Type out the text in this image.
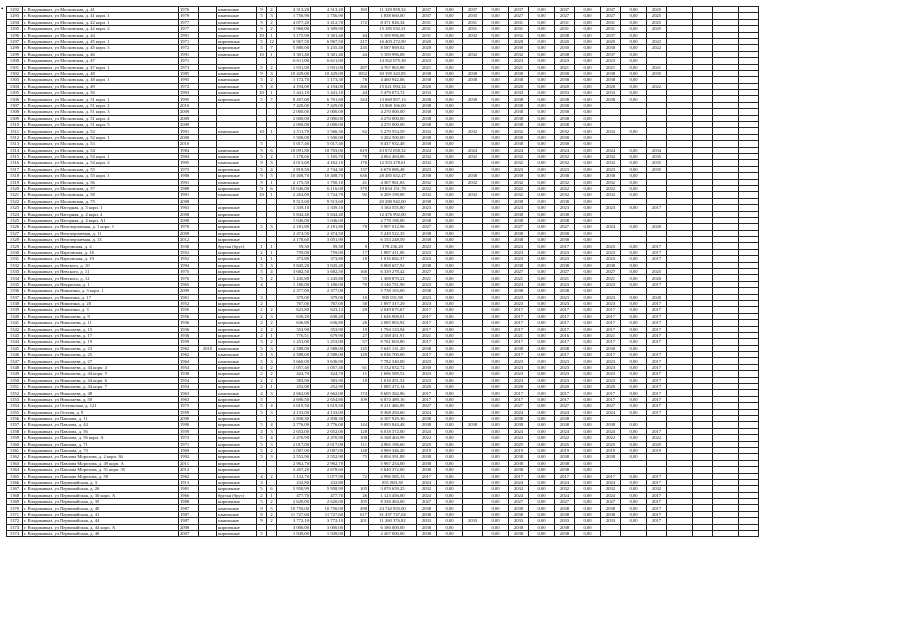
• 1292	г. Владикавказ, ул Московская, д. 41	1976		панельные	9	2	4 313,20	4 313,20		165	11 329 858,32	2037	0,00	2037	0,00	2037	0,00	2037	0,00	2037	0,00	2025				
1293	г. Владикавказ, ул Московская, д. 41 корп. 1	1979		панельные	5	3	1 756,90	1 756,90			1 838 660,00	2037	0,00	2035	0,00	2027	0,00	2027	0,00	2027	0,00	2025				
1294	г. Владикавказ, ул Московская, д. 42 корп. 1	1977		панельные	9	2	4 077,20	3 412,70		172	8 371 826,34	2031	0,00	2031	0,00	2031	0,00	2031	0,00	2031	0,00	2025				
1295	г. Владикавказ, ул Московская, д. 42 корп. 2	1977		панельные	9	2	3 960,00	3 309,90			15 185 032,31	2031	0,00	2031	0,00	2031	0,00	2031	0,00	2031	0,00	2025				
1296	г. Владикавказ, ул Московская, д. 44	1991		панельные	10	1	3 175,90	3 301,40		44	5 109 996,08	2031	0,00	2032	0,00	2032	0,00	2038	0,00	2037	0,00					
1297	г. Владикавказ, ул Московская, д. 45 корп. 1	1971		кирпичные	5	12	6 967,50	6 967,50		217	16 403 272,90	2020	0,00		0,00	2020	0,00	2020	0,00	2020	0,00	2022				
1298	г. Владикавказ, ул Московская, д. 45 корп. 3	1972		кирпичные	5	7	5 880,00	5 235,40		235	8 587 869,02	2020	0,00		0,00	2030	0,00	2030	0,00	2030	0,00	2022				
1299	г. Владикавказ, ул Московская, д. 46	1991		панельные	10	1	3 301,40	3 301,40		44	5 109 996,08	2031	0,00	2032	0,00	2032	0,00	2038	0,00	2037	0,00					
1300	г. Владикавказ, ул Московская, д. 47	1971					6 611,00	6 611,00			14 562 075,38	2023	0,00		0,00	2023	0,00	2023	0,00	2023	0,00					
1301	г. Владикавказ, ул Московская, д. 47 корп. 1	1973		кирпичные	5	2	1 931,00	1 931,00		287	4 767 863,88	2021	0,00		0,00	2021	0,00	2021	0,00	2021	0,00	2021				
1302	г. Владикавказ, ул Московская, д. 48	1985		панельные	9	3	10 429,00	10 429,00		1052	30 195 343,85	2038	0,00	2038	0,00	2038	0,00	2038	0,00	2038	0,00	2035				
1303	г. Владикавказ, ул Московская, д. 48 корп. 1	1995		панельные	5	2	1 172,70	1 173,30		78	4 460 942,06	2038	0,00	2038	0,00	2038	0,00	2038	0,00	2038	0,00					
1304	г. Владикавказ, ул Московская, д. 49	1972		панельные	5	4	4 194,00	4 194,00		266	15 621 094,34	2020	0,00		0,00	2020	0,00	2020	0,00	2020	0,00	2022				
1305	г. Владикавказ, ул Московская, д. 50	1993		панельные	10	1	1 441,10	1 441,10		44	5 479 073,72	2033	0,00		0,00	2033	0,00	2033	0,00	2033	0,00					
1306	г. Владикавказ, ул Московская, д. 51 корп. 1	1995		кирпичные	5	7	8 497,00	6 701,60		324	13 660 857,13	2038	0,00	2038	0,00	2038	0,00	2038	0,00	2038	0,00					
1307	г. Владикавказ, ул Московская, д. 51 корп. 2	2010					7 429,00	7 429,00			15 868 166,00	2038	0,00		0,00	2038	0,00	2038	0,00							
1308	г. Владикавказ, ул Московская, д. 51 корп. 3	2009					2 000,00	2 000,00			4 270 000,00	2038	0,00		0,00	2038	0,00	2038	0,00							
1309	г. Владикавказ, ул Московская, д. 51 корп. 4	2009					2 000,00	2 000,00			4 270 000,00	2038	0,00		0,00	2038	0,00	2038	0,00							
1310	г. Владикавказ, ул Московская, д. 51 корп. 5	2009					2 000,00	2 000,00			4 270 000,00	2038	0,00		0,00	2038	0,00	2038	0,00							
1311	г. Владикавказ, ул Московская, д. 52	1991		панельные	10	1	2 511,70	1 566,30		62	5 270 554,59	2032	0,00	2032	0,00	2032	0,00	2032	0,00	2032	0,00					
1312	г. Владикавказ, ул Московская, д. 52 корп. 1	2008					1 500,00	1 500,00			3 202 500,00	2038	0,00		0,00	2038	0,00	2038	0,00							
1313	г. Владикавказ, ул Московская, д. 53	2010			5		5 017,40	5 017,40			8 437 932,48	2038	0,00		0,00	2038	0,00	2038	0,00							
1314	г. Владикавказ, ул Московская, д. 54	1984		панельные	9	6	10 091,80	10 703,00		619	23 872 058,32	2024	0,00	2024	0,00	2024	0,00	2024	0,00	2024	0,00	2034				
1315	г. Владикавказ, ул Московская, д. 54 корп. 1	1984		панельные	5	2	1 178,60	1 105,70		78	4 062 404,06	2032	0,00	2032	0,00	2032	0,00	2032	0,00	2032	0,00	2035				
1316	г. Владикавказ, ул Московская, д. 54 корп. 2	1995		панельные	9	3	4 013,60	4 162,10		176	12 353 278,61	2032	0,00		0,00	2032	0,00	2032	0,00	2032	0,00	2035				
1317	г. Владикавказ, ул Московская, д. 55	1973		кирпичные	5	4	2 818,50	2 744,30		137	6 678 086,48	2023	0,00		0,00	2023	0,00	2023	0,00	2023	0,00	2035				
1318	г. Владикавказ, ул Московская, д. 55 корп. 1	1988		кирпичные	9	5	10 408,70	10 408,70		636	28 485 652,47	2038	0,00	2038	0,00	2038	0,00	2038	0,00	2038	0,00					
1319	г. Владикавказ, ул Московская, д. 56	1991		панельные	9	1	2 175,50	1 750,10		41	4 307 961,83	2032	0,00	2032	0,00	2032	0,00	2032	0,00	2032	0,00					
1320	г. Владикавказ, ул Московская, д. 57	1988		кирпичные	9	6	10 046,00	6 116,00		379	19 834 151,78	2022	0,00		0,00	2022	0,00	2022	0,00	2022	0,00					
1321	г. Владикавказ, ул Московская, д. 58	1991		панельные	10	1	2 264,00	1 724,70		92	6 209 199,88	2032	0,00	2032	0,00	2032	0,00	2032	0,00	2032	0,00					
1322	г. Владикавказ, ул Московская, д. 75	2008					9 513,60	9 513,60			20 280 942,00	2038	0,00		0,00	2038	0,00	2038	0,00							
1323	г. Владикавказ, ул Нагорная, д. 3 корп. 1	1963		кирпичные			1 339,10	1 339,10			3 184 555,80	2023	0,00		0,00	2023	0,00	2023	0,00	2023	0,00	2017				
1324	г. Владикавказ, ул Нагорная, д. 4 корп. 4	2008		кирпичные			5 844,40	5 844,40			12 476 992,00	2038	0,00		0,00	2038	0,00	2038	0,00							
1325	г. Владикавказ, ул Нагорная, д. 4 корп. А1	2008		кирпичные			1 046,00	1 046,00			2 778 188,00	2038	0,00		0,00	2038	0,00	2038	0,00							
1326	г. Владикавказ, ул Неисчерпаемая, д. 1 корп. 1	1970		кирпичные	5	3	2 181,80	2 181,80		78	5 907 012,96	2027	0,00		0,00	2027	0,00	2027	0,00	2024	0,00	2020				
1327	г. Владикавказ, ул Неисчерпаемая, д. 11	2009		кирпичные			2 474,50	2 474,50			5 249 522,35	2038	0,00		0,00	2038	0,00	2038	0,00							
1328	г. Владикавказ, ул Неисчерпаемая, д. 13	2012		кирпичные			4 178,60	3 051,90			6 153 248,59	2038	0,00		0,00	2038	0,00	2038	0,00							
1329	г. Владикавказ, ул Нартовская, д. 4	1930		брусья (брус)	1	1	59,30	59,30		9	178 236,28	2023	0,00		0,00	2023	0,00	2017	0,00	2023	0,00	2017				
1330	г. Владикавказ, ул Нартовская, д. 16	1952		кирпичные	2	1	759,00	759,00		17	1 887 411,00	2023	0,00		0,00	2023	0,00	2023	0,00	2023	0,00	2017				
1331	г. Владикавказ, ул Нартовская, д. 19	1952		кирпичные	1	1	373,80	373,80		18	1 016 682,37	2023	0,00		0,00	2023	0,00	2023	0,00	2023	0,00	2017				
1332	г. Владикавказ, ул Невского, д. 10	1994		кирпичные	5	3	3 845,20	3 845,20			6 868 657,92	2038	0,00		0,00	2038	0,00	2038	0,00	2038	0,00					
1333	г. Владикавказ, ул Невского, д. 11	1975		кирпичные	5	4	3 682,50	3 682,50		166	6 339 278,42	2027	0,00		0,00	2027	0,00	2027	0,00	2027	0,00	2025				
1334	г. Владикавказ, ул Невского, д. 12	1976		кирпичные	5	2	1 245,80	1 245,80		55	1 308 870,22	2021	0,00		0,00	2021	0,00	2021	0,00	2021	0,00	2020				
1335	г. Владикавказ, ул Некрасова, д. 1	1965		кирпичные	4		1 180,00	1 180,00		70	3 146 751,90	2023	0,00		0,00	2023	0,00	2023	0,00	2023	0,00	2017				
1336	г. Владикавказ, ул Никитина, д. 3 корп. 1	2009		кирпичные			2 377,00	2 377,00			5 738 163,00	2038	0,00		0,00	2038	0,00	2038	0,00							
1337	г. Владикавказ, ул Никитина, д. 17	1961		кирпичные	3		379,00	379,00		16	905 031,98	2023	0,00		0,00	2023	0,00	2023	0,00	2023	0,00	2020				
1338	г. Владикавказ, ул Никитина, д. 20	1952		кирпичные	2		767,00	767,00		30	1 897 317,29	2023	0,00		0,00	2023	0,00	2023	0,00	2023	0,00	2017				
1339	г. Владикавказ, ул Никитина, д. 3	1950		кирпичные	2	2	623,80	623,12		29	2 049 675,67	2017	0,00		0,00	2017	0,00	2017	0,00	2017	0,00	2017				
1340	г. Владикавказ, ул Николаева, д. 9	1956		кирпичные	2	3	630,20	630,20			1 626 908,01	2017	0,00		0,00	2017	0,00	2017	0,00	2017	0,00	2017				
1341	г. Владикавказ, ул Николаева, д. 11	1936		кирпичные	2	2	636,80	636,80		26	2 085 063,92	2017	0,00		0,00	2017	0,00	2017	0,00	2017	0,00	2017				
1342	г. Владикавказ, ул Николаева, д. 15	1936		кирпичные	2	2	353,90	353,90		19	1 794 123,94	2017	0,00		0,00	2017	0,00	2017	0,00	2017	0,00	2017				
1343	г. Владикавказ, ул Николаева, д. 17	1936		кирпичные	2	1	776,51	679,90		27	2 168 451,91	2021	0,00		0,00	2021	0,00	2016	0,00	2021	0,00	2017				
1344	г. Владикавказ, ул Николаева, д. 19	1959		кирпичные	3	2	1 253,00	1 253,00		57	9 761 603,80	2017	0,00		0,00	2017	0,00	2017	0,00	2017	0,00	2017				
1345	г. Владикавказ, ул Николаева, д. 23	1962	2010	панельные	5	3	2 588,00	2 588,00		125	5 645 131,20	2038	0,00		0,00	2038	0,00	2038	0,00	2030	0,00					
1346	г. Владикавказ, ул Николаева, д. 25	1962		панельные	5	3	2 588,00	2 588,00		129	6 036 700,00	2017	0,00		0,00	2017	0,00	2017	0,00	2017	0,00	2017				
1347	г. Владикавказ, ул Николаева, д. 27	1964		панельные	5	3	3 660,00	3 636,90			7 782 340,00	2023	0,00		0,00	2023	0,00	2023	0,00	2023	0,00	2017				
1348	г. Владикавказ, ул Николаева, д. 44 корп. 4	1954		кирпичные	4	2	1 057,40	1 057,40		61	5 132 032,72	2030	0,00		0,00	2023	0,00	2023	0,00	2023	0,00	2017				
1349	г. Владикавказ, ул Николаева, д. 44 корп. 5	1938		кирпичные	2	2	424,70	424,70		11	1 696 589,52	2023	0,00		0,00	2023	0,00	2023	0,00	2023	0,00	2017				
1350	г. Владикавказ, ул Николаева, д. 44 корп. 6	1954		кирпичные	2	2	383,90	383,90		18	1 018 451,52	2023	0,00		0,00	2023	0,00	2023	0,00	2023	0,00	2017				
1351	г. Владикавказ, ул Николаева, д. 44 корп. 7	1954		кирпичные	2	1	252,90	252,90			1 085 472,14	2020	0,00		0,00	2020	0,00	2020	0,00	2020	0,00	2017				
1352	г. Владикавказ, ул Николаева, д. 48	1963		панельные	4	3	2 662,00	2 662,00		174	6 605 362,86	2017	0,00		0,00	2017	0,00	2017	0,00	2017	0,00	2017				
1353	г. Владикавказ, ул Николаева, д. 50	1963		кирпичные	5		2 690,50	2 654,80		109	6 074 489,16	2017	0,00		0,00	2017	0,00	2017	0,00	2017	0,00	2017				
1354	г. Владикавказ, ул Осетинская, д. 121	1975		кирпичные	5	4	3 619,50	3 619,50			8 211 466,09	2027	0,00		0,00	2027	0,00	2027	0,00	2027	0,00	2017				
1355	г. Владикавказ, ул Осетия, д. 9	1959		кирпичные	5	3	4 133,00	4 133,00			8 368 294,60	2024	0,00		0,00	2024	0,00	2024	0,00	2024	0,00	2017				
1356	г. Владикавказ, ул Павлова, д. 11	2000		кирпичные			2 838,30	2 838,30			6 107 929,36	2038	0,00		0,00	2038	0,00	2038	0,00							
1357	г. Владикавказ, ул Павлова, д. 44	1990		кирпичные	5	4	2 776,00	2 776,00		144	9 083 844,48	2038	0,00	2038	0,00	2038	0,00	2038	0,00	2038	0,00					
1358	г. Владикавказ, ул Павлова, д. 56	1959		кирпичные	4	3	2 652,00	2 652,00		128	6 018 372,00	2024	0,00		0,00	2024	0,00	2024	0,00	2024	0,00	2017				
1359	г. Владикавказ, ул Павлова, д. 56 корп. А	1972		кирпичные	5	4	2 470,90	2 470,90		108	6 168 404,99	2022	0,00		0,00	2022	0,00	2022	0,00	2022	0,00	2022				
1360	г. Владикавказ, ул Павлова, д. 71	1971		кирпичные	5	3	2 017,00	2 017,00		111	4 965 196,60	2025	0,00		0,00	2025	0,00	2025	0,00	2025	0,00	2025				
1361	г. Владикавказ, ул Павлова, д. 73	1969		кирпичные	5	2	2 087,00	2 087,00		148	4 969 346,20	2019	0,00		0,00	2019	0,00	2019	0,00	2019	0,00	2019				
1362	г. Владикавказ, ул Павлова Морозова, д. 2 корп. 36	1992		кирпичные	5	3	2 552,90	2 552,90		75	6 004 391,88	2038	0,00		0,00	2038	0,00	2038	0,00	2038	0,00					
1363	г. Владикавказ, ул Павлова Морозова, д. 49 корп. А	2011		кирпичные			2 962,70	2 962,70			5 967 254,00	2038	0,00		0,00	2038	0,00	2038	0,00							
1364	г. Владикавказ, ул Павлова Морозова, д. 51 корп. 35	2012		кирпичные			3 267,20	2 678,60			5 640 372,00	2038	0,00		0,00	2038	0,00	2038	0,00							
1365	г. Владикавказ, ул Павлова Морозова, д. 59	1962		кирпичные	4	2	1 132,70	1 077,90		72	2 996 585,15	2017	0,00		0,00	2017	0,00	2017	0,00	2017	0,00	2017				
1366	г. Владикавказ, ул Первомайская, д. 3	1913		кирпичные	3		232,80	232,80			851 803,38	2024	0,00		0,00	2024	0,00	2024	0,00	2024	0,00	2017				
1367	г. Владикавказ, ул Первомайская, д. 26	1981		кирпичные	5	6	5 958,99	5 958,99		105	3 070 659,25	2032	0,00		0,00	2032	0,00	2032	0,00	2032	0,00	2032				
1368	г. Владикавказ, ул Первомайская, д. 30 корп. А	1966		брусья (брус)	2	1	477,70	477,70		26	1 123 456,00	2024	0,00		0,00	2024	0,00	2024	0,00	2024	0,00	2017				
1369	г. Владикавказ, ул Первомайская, д. 35	1988		кирпичные	5	2	2 620,00	2 620,00		105	8 336 464,00	2027	0,00		0,00	2027	0,00	2027	0,00	2027	0,00	2017				
1370	г. Владикавказ, ул Первомайская, д. 40	1987		панельные	9	5	10 750,00	10 750,00		498	24 742 835,00	2038	0,00		0,00	2038	0,00	2038	0,00	2038	0,00	2017				
1371	г. Владикавказ, ул Первомайская, д. 41	1987		панельные	9	2	11 727,60	11 727,60		617	31 437 747,04	2038	0,00		0,00	2038	0,00	2038	0,00	2038	0,00	2017				
1372	г. Владикавказ, ул Первомайская, д. 44	1987		панельные	9	2	3 772,10	3 772,10		201	11 260 376,82	2033	0,00	2033	0,00	2033	0,00	2033	0,00	2033	0,00	2017				
1373	г. Владикавказ, ул Первомайская, д. 44 корп. А	2008		кирпичные			3 000,00	3 000,00			6 186 000,00	2038	0,00		0,00	2038	0,00	2038	0,00							
1374	г. Владикавказ, ул Первомайская, д. 46	2007		кирпичные	5		1 949,00	1 949,00			2 267 000,00	2038	0,00		0,00	2038	0,00	2038	0,00							
